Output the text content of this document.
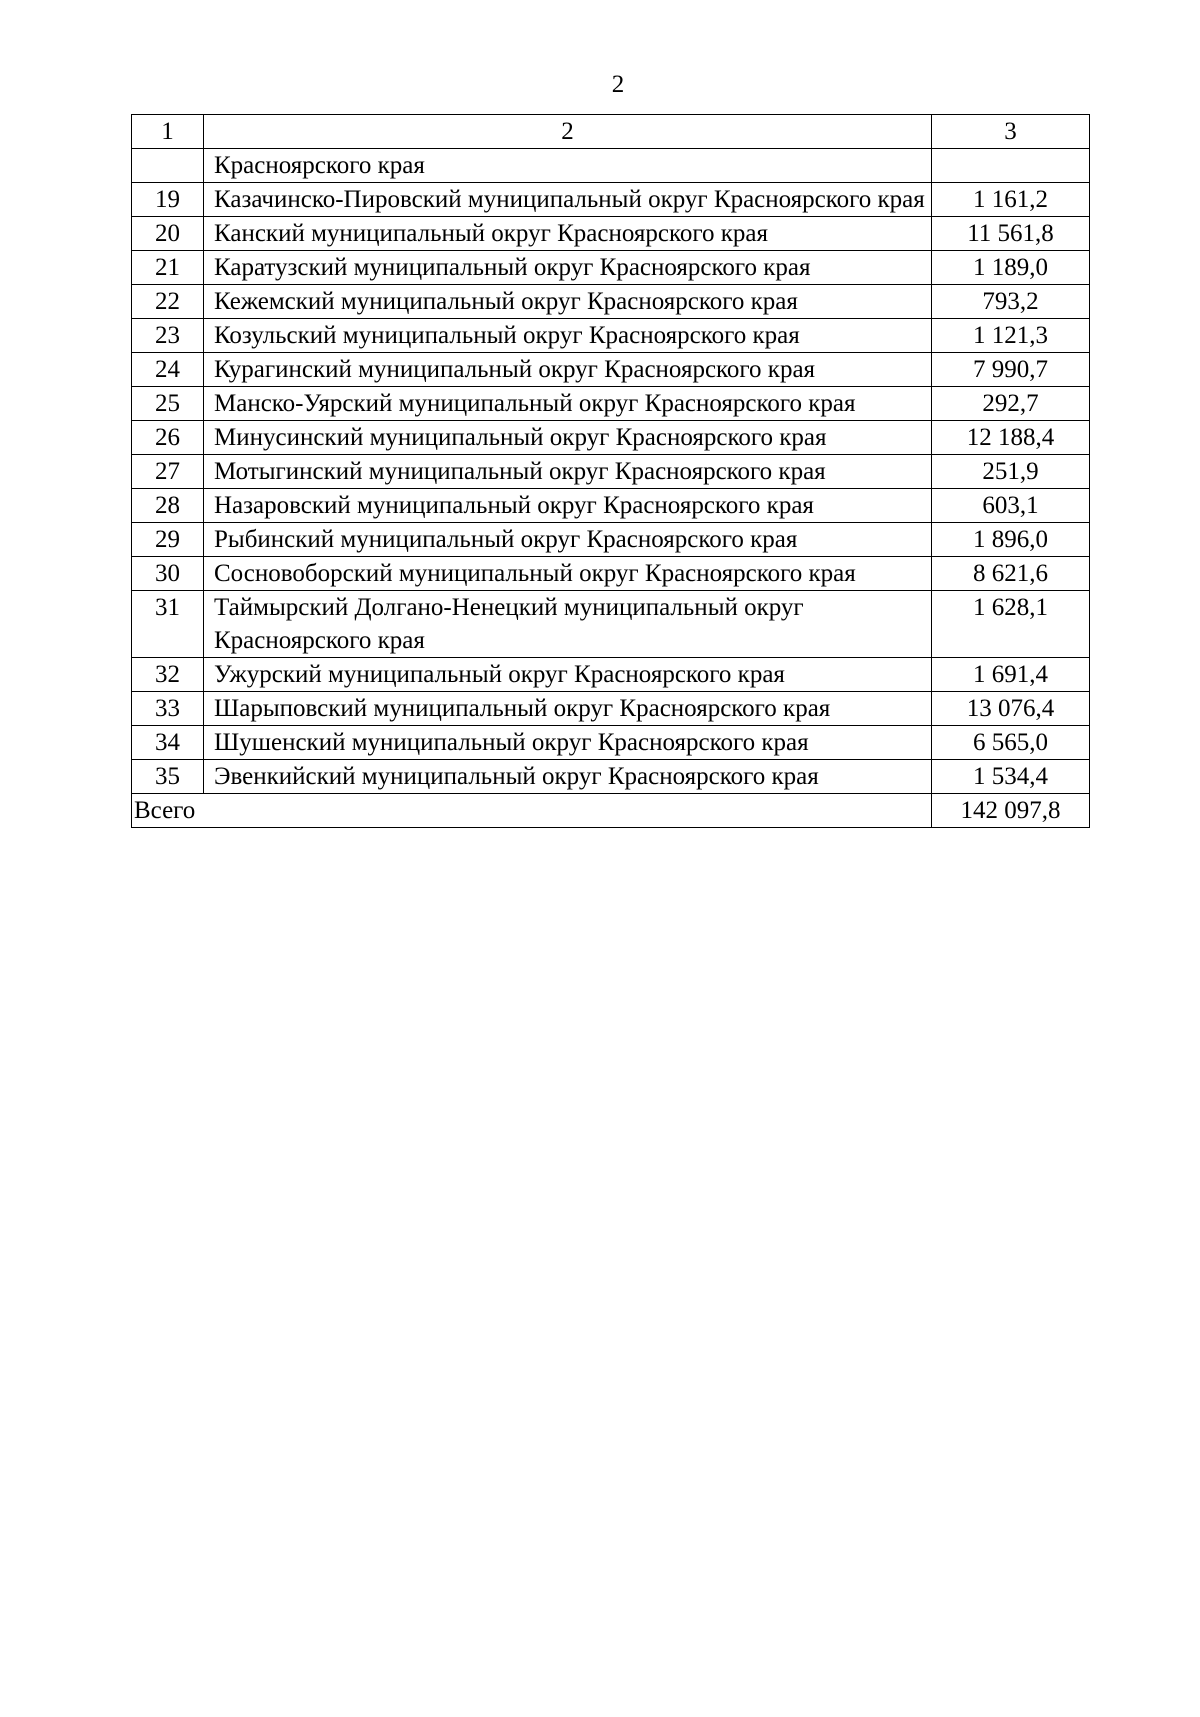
2
1	2	3
	Красноярского края	
19	Казачинско-Пировский муниципальный округ Красноярского края	1 161,2
20	Канский муниципальный округ Красноярского края	11 561,8
21	Каратузский муниципальный округ Красноярского края	1 189,0
22	Кежемский муниципальный округ Красноярского края	793,2
23	Козульский муниципальный округ Красноярского края	1 121,3
24	Курагинский муниципальный округ Красноярского края	7 990,7
25	Манско-Уярский муниципальный округ Красноярского края	292,7
26	Минусинский муниципальный округ Красноярского края	12 188,4
27	Мотыгинский муниципальный округ Красноярского края	251,9
28	Назаровский муниципальный округ Красноярского края	603,1
29	Рыбинский муниципальный округ Красноярского края	1 896,0
30	Сосновоборский муниципальный округ Красноярского края	8 621,6
31	Таймырский Долгано-Ненецкий муниципальный округ Красноярского края	1 628,1
32	Ужурский муниципальный округ Красноярского края	1 691,4
33	Шарыповский муниципальный округ Красноярского края	13 076,4
34	Шушенский муниципальный округ Красноярского края	6 565,0
35	Эвенкийский муниципальный округ Красноярского края	1 534,4
Всего		142 097,8
